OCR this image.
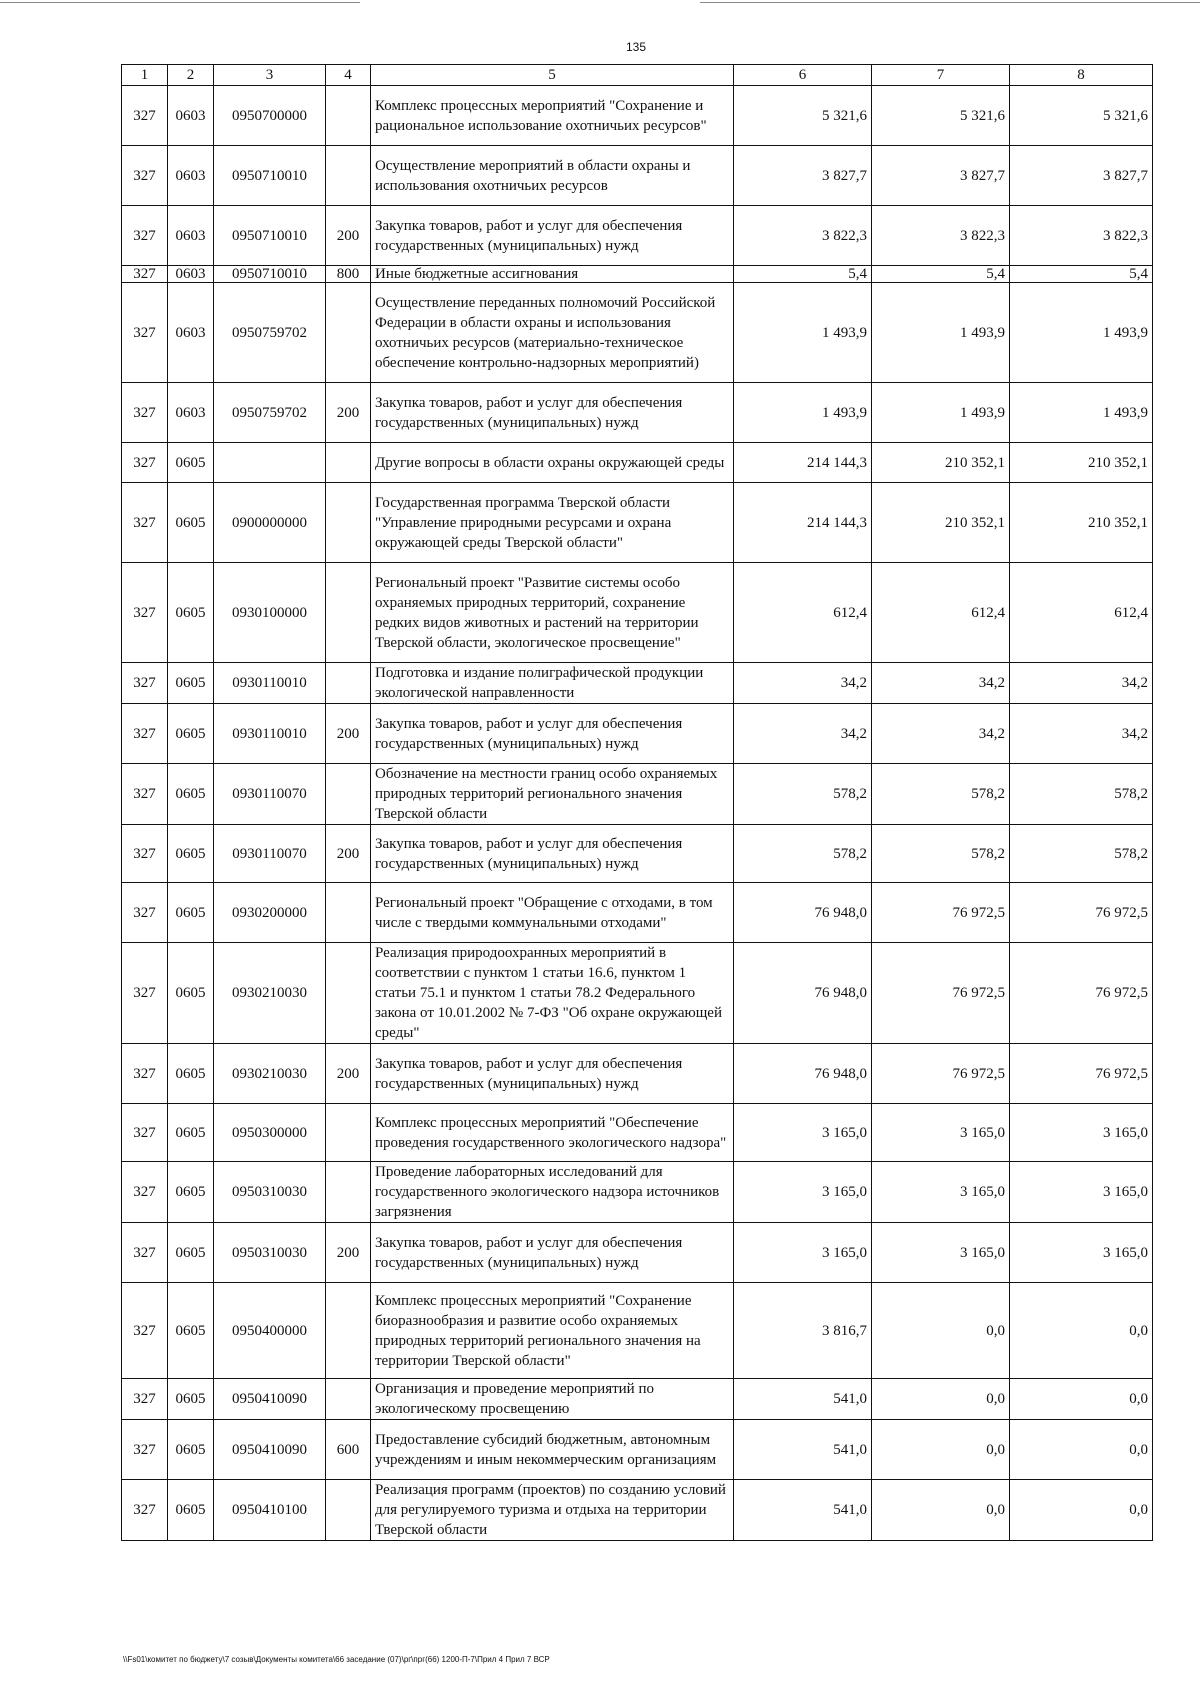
135
1	2	3	4	5	6	7	8
327	0603	0950700000		Комплекс процессных мероприятий "Сохранение и рациональное использование охотничьих ресурсов"	5 321,6	5 321,6	5 321,6
327	0603	0950710010		Осуществление мероприятий в области охраны и использования охотничьих ресурсов	3 827,7	3 827,7	3 827,7
327	0603	0950710010	200	Закупка товаров, работ и услуг для обеспечения государственных (муниципальных) нужд	3 822,3	3 822,3	3 822,3
327	0603	0950710010	800	Иные бюджетные ассигнования	5,4	5,4	5,4
327	0603	0950759702		Осуществление переданных полномочий Российской Федерации в области охраны и использования охотничьих ресурсов (материально-техническое обеспечение контрольно-надзорных мероприятий)	1 493,9	1 493,9	1 493,9
327	0603	0950759702	200	Закупка товаров, работ и услуг для обеспечения государственных (муниципальных) нужд	1 493,9	1 493,9	1 493,9
327	0605			Другие вопросы в области охраны окружающей среды	214 144,3	210 352,1	210 352,1
327	0605	0900000000		Государственная программа Тверской области "Управление природными ресурсами и охрана окружающей среды Тверской области"	214 144,3	210 352,1	210 352,1
327	0605	0930100000		Региональный проект "Развитие системы особо охраняемых природных территорий, сохранение редких видов животных и растений на территории Тверской области, экологическое просвещение"	612,4	612,4	612,4
327	0605	0930110010		Подготовка и издание полиграфической продукции экологической направленности	34,2	34,2	34,2
327	0605	0930110010	200	Закупка товаров, работ и услуг для обеспечения государственных (муниципальных) нужд	34,2	34,2	34,2
327	0605	0930110070		Обозначение на местности границ особо охраняемых природных территорий регионального значения Тверской области	578,2	578,2	578,2
327	0605	0930110070	200	Закупка товаров, работ и услуг для обеспечения государственных (муниципальных) нужд	578,2	578,2	578,2
327	0605	0930200000		Региональный проект "Обращение с отходами, в том числе с твердыми коммунальными отходами"	76 948,0	76 972,5	76 972,5
327	0605	0930210030		Реализация природоохранных мероприятий в соответствии с пунктом 1 статьи 16.6, пунктом 1 статьи 75.1 и пунктом 1 статьи 78.2 Федерального закона от 10.01.2002 № 7-ФЗ "Об охране окружающей среды"	76 948,0	76 972,5	76 972,5
327	0605	0930210030	200	Закупка товаров, работ и услуг для обеспечения государственных (муниципальных) нужд	76 948,0	76 972,5	76 972,5
327	0605	0950300000		Комплекс процессных мероприятий "Обеспечение проведения государственного экологического надзора"	3 165,0	3 165,0	3 165,0
327	0605	0950310030		Проведение лабораторных исследований для государственного экологического надзора источников загрязнения	3 165,0	3 165,0	3 165,0
327	0605	0950310030	200	Закупка товаров, работ и услуг для обеспечения государственных (муниципальных) нужд	3 165,0	3 165,0	3 165,0
327	0605	0950400000		Комплекс процессных мероприятий "Сохранение биоразнообразия и развитие особо охраняемых природных территорий регионального значения на территории Тверской области"	3 816,7	0,0	0,0
327	0605	0950410090		Организация и проведение мероприятий по экологическому просвещению	541,0	0,0	0,0
327	0605	0950410090	600	Предоставление субсидий бюджетным, автономным учреждениям и иным некоммерческим организациям	541,0	0,0	0,0
327	0605	0950410100		Реализация программ (проектов) по созданию условий для регулируемого туризма и отдыха на территории Тверской области	541,0	0,0	0,0
\\Fs01\комитет по бюджету\7 созыв\Документы комитета\66 заседание (07)\рг\прг(66) 1200-П-7\Прил 4 Прил 7 ВСР
